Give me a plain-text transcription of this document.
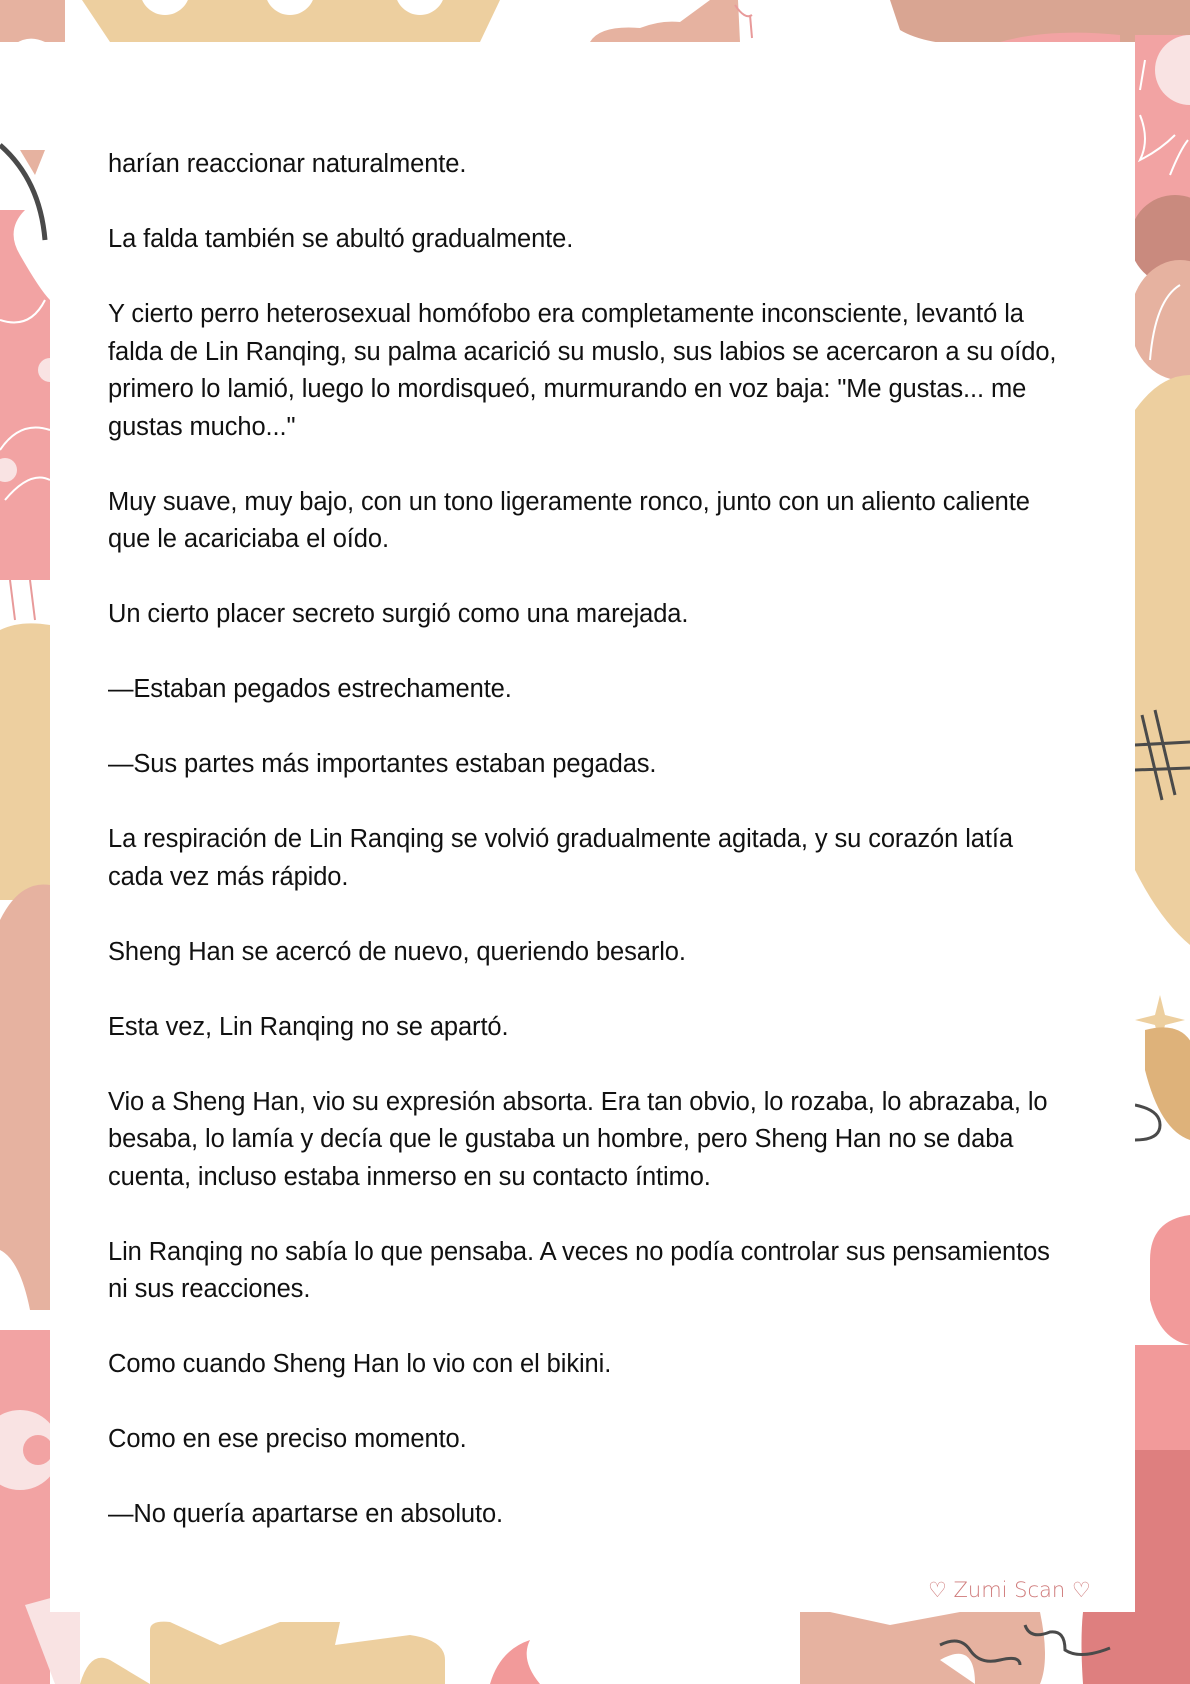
harían reaccionar naturalmente.

La falda también se abultó gradualmente.

Y cierto perro heterosexual homófobo era completamente inconsciente, levantó la falda de Lin Ranqing, su palma acarició su muslo, sus labios se acercaron a su oído, primero lo lamió, luego lo mordisqueó, murmurando en voz baja: "Me gustas... me gustas mucho..."

Muy suave, muy bajo, con un tono ligeramente ronco, junto con un aliento caliente que le acariciaba el oído.

Un cierto placer secreto surgió como una marejada.

—Estaban pegados estrechamente.

—Sus partes más importantes estaban pegadas.

La respiración de Lin Ranqing se volvió gradualmente agitada, y su corazón latía cada vez más rápido.

Sheng Han se acercó de nuevo, queriendo besarlo.

Esta vez, Lin Ranqing no se apartó.

Vio a Sheng Han, vio su expresión absorta. Era tan obvio, lo rozaba, lo abrazaba, lo besaba, lo lamía y decía que le gustaba un hombre, pero Sheng Han no se daba cuenta, incluso estaba inmerso en su contacto íntimo.

Lin Ranqing no sabía lo que pensaba. A veces no podía controlar sus pensamientos ni sus reacciones.

Como cuando Sheng Han lo vio con el bikini.

Como en ese preciso momento.

—No quería apartarse en absoluto.

♡ Zumi Scan ♡
